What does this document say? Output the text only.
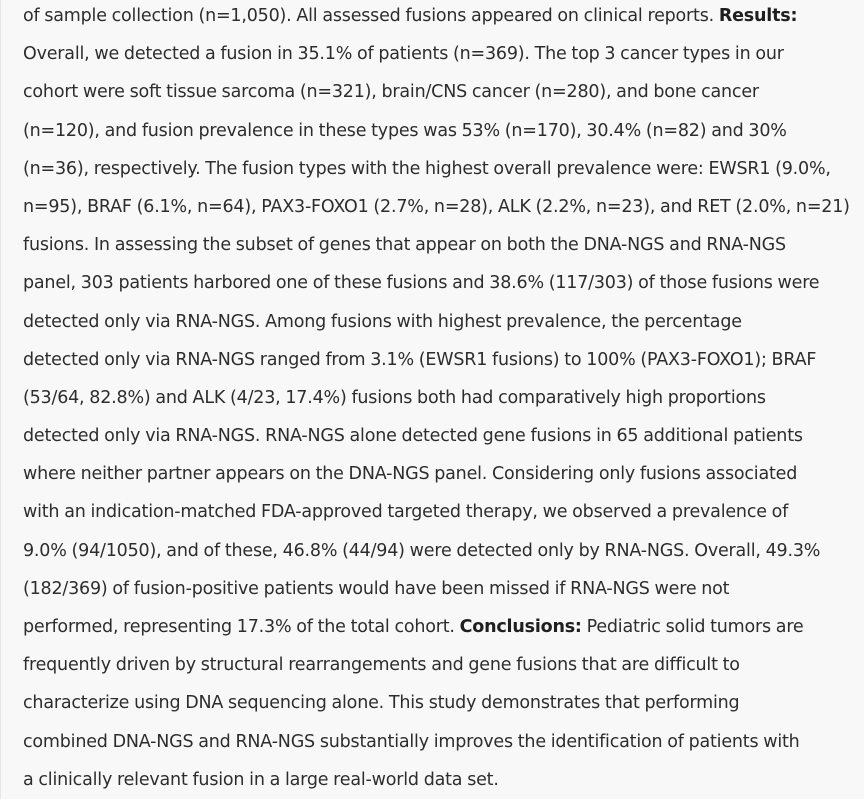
of sample collection (n=1,050). All assessed fusions appeared on clinical reports. Results:
Overall, we detected a fusion in 35.1% of patients (n=369). The top 3 cancer types in our
cohort were soft tissue sarcoma (n=321), brain/CNS cancer (n=280), and bone cancer
(n=120), and fusion prevalence in these types was 53% (n=170), 30.4% (n=82) and 30%
(n=36), respectively. The fusion types with the highest overall prevalence were: EWSR1 (9.0%,
n=95), BRAF (6.1%, n=64), PAX3-FOXO1 (2.7%, n=28), ALK (2.2%, n=23), and RET (2.0%, n=21)
fusions. In assessing the subset of genes that appear on both the DNA-NGS and RNA-NGS
panel, 303 patients harbored one of these fusions and 38.6% (117/303) of those fusions were
detected only via RNA-NGS. Among fusions with highest prevalence, the percentage
detected only via RNA-NGS ranged from 3.1% (EWSR1 fusions) to 100% (PAX3-FOXO1); BRAF
(53/64, 82.8%) and ALK (4/23, 17.4%) fusions both had comparatively high proportions
detected only via RNA-NGS. RNA-NGS alone detected gene fusions in 65 additional patients
where neither partner appears on the DNA-NGS panel. Considering only fusions associated
with an indication-matched FDA-approved targeted therapy, we observed a prevalence of
9.0% (94/1050), and of these, 46.8% (44/94) were detected only by RNA-NGS. Overall, 49.3%
(182/369) of fusion-positive patients would have been missed if RNA-NGS were not
performed, representing 17.3% of the total cohort. Conclusions: Pediatric solid tumors are
frequently driven by structural rearrangements and gene fusions that are difficult to
characterize using DNA sequencing alone. This study demonstrates that performing
combined DNA-NGS and RNA-NGS substantially improves the identification of patients with
a clinically relevant fusion in a large real-world data set.
